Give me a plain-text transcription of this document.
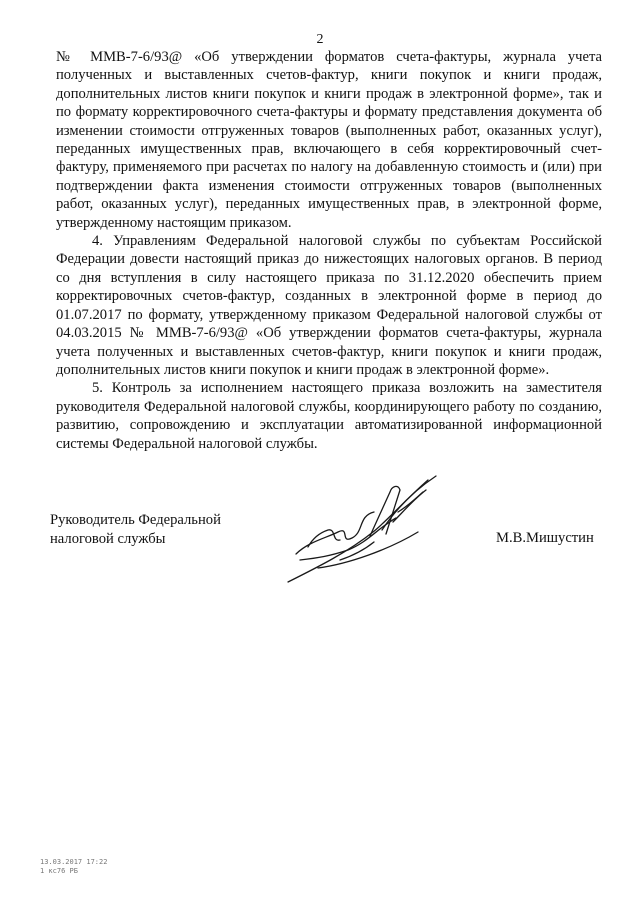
2

№ ММВ-7-6/93@ «Об утверждении форматов счета-фактуры, журнала учета полученных и выставленных счетов-фактур, книги покупок и книги продаж, дополнительных листов книги покупок и книги продаж в электронной форме», так и по формату корректировочного счета-фактуры и формату представления документа об изменении стоимости отгруженных товаров (выполненных работ, оказанных услуг), переданных имущественных прав, включающего в себя корректировочный счет-фактуру, применяемого при расчетах по налогу на добавленную стоимость и (или) при подтверждении факта изменения стоимости отгруженных товаров (выполненных работ, оказанных услуг), переданных имущественных прав, в электронной форме, утвержденному настоящим приказом.

4. Управлениям Федеральной налоговой службы по субъектам Российской Федерации довести настоящий приказ до нижестоящих налоговых органов. В период со дня вступления в силу настоящего приказа по 31.12.2020 обеспечить прием корректировочных счетов-фактур, созданных в электронной форме в период до 01.07.2017 по формату, утвержденному приказом Федеральной налоговой службы от 04.03.2015 № ММВ-7-6/93@ «Об утверждении форматов счета-фактуры, журнала учета полученных и выставленных счетов-фактур, книги покупок и книги продаж, дополнительных листов книги покупок и книги продаж в электронной форме».

5. Контроль за исполнением настоящего приказа возложить на заместителя руководителя Федеральной налоговой службы, координирующего работу по созданию, развитию, сопровождению и эксплуатации автоматизированной информационной системы Федеральной налоговой службы.

Руководитель Федеральной
налоговой службы	М.В.Мишустин
13.03.2017 17:22
1 кс76 РБ
